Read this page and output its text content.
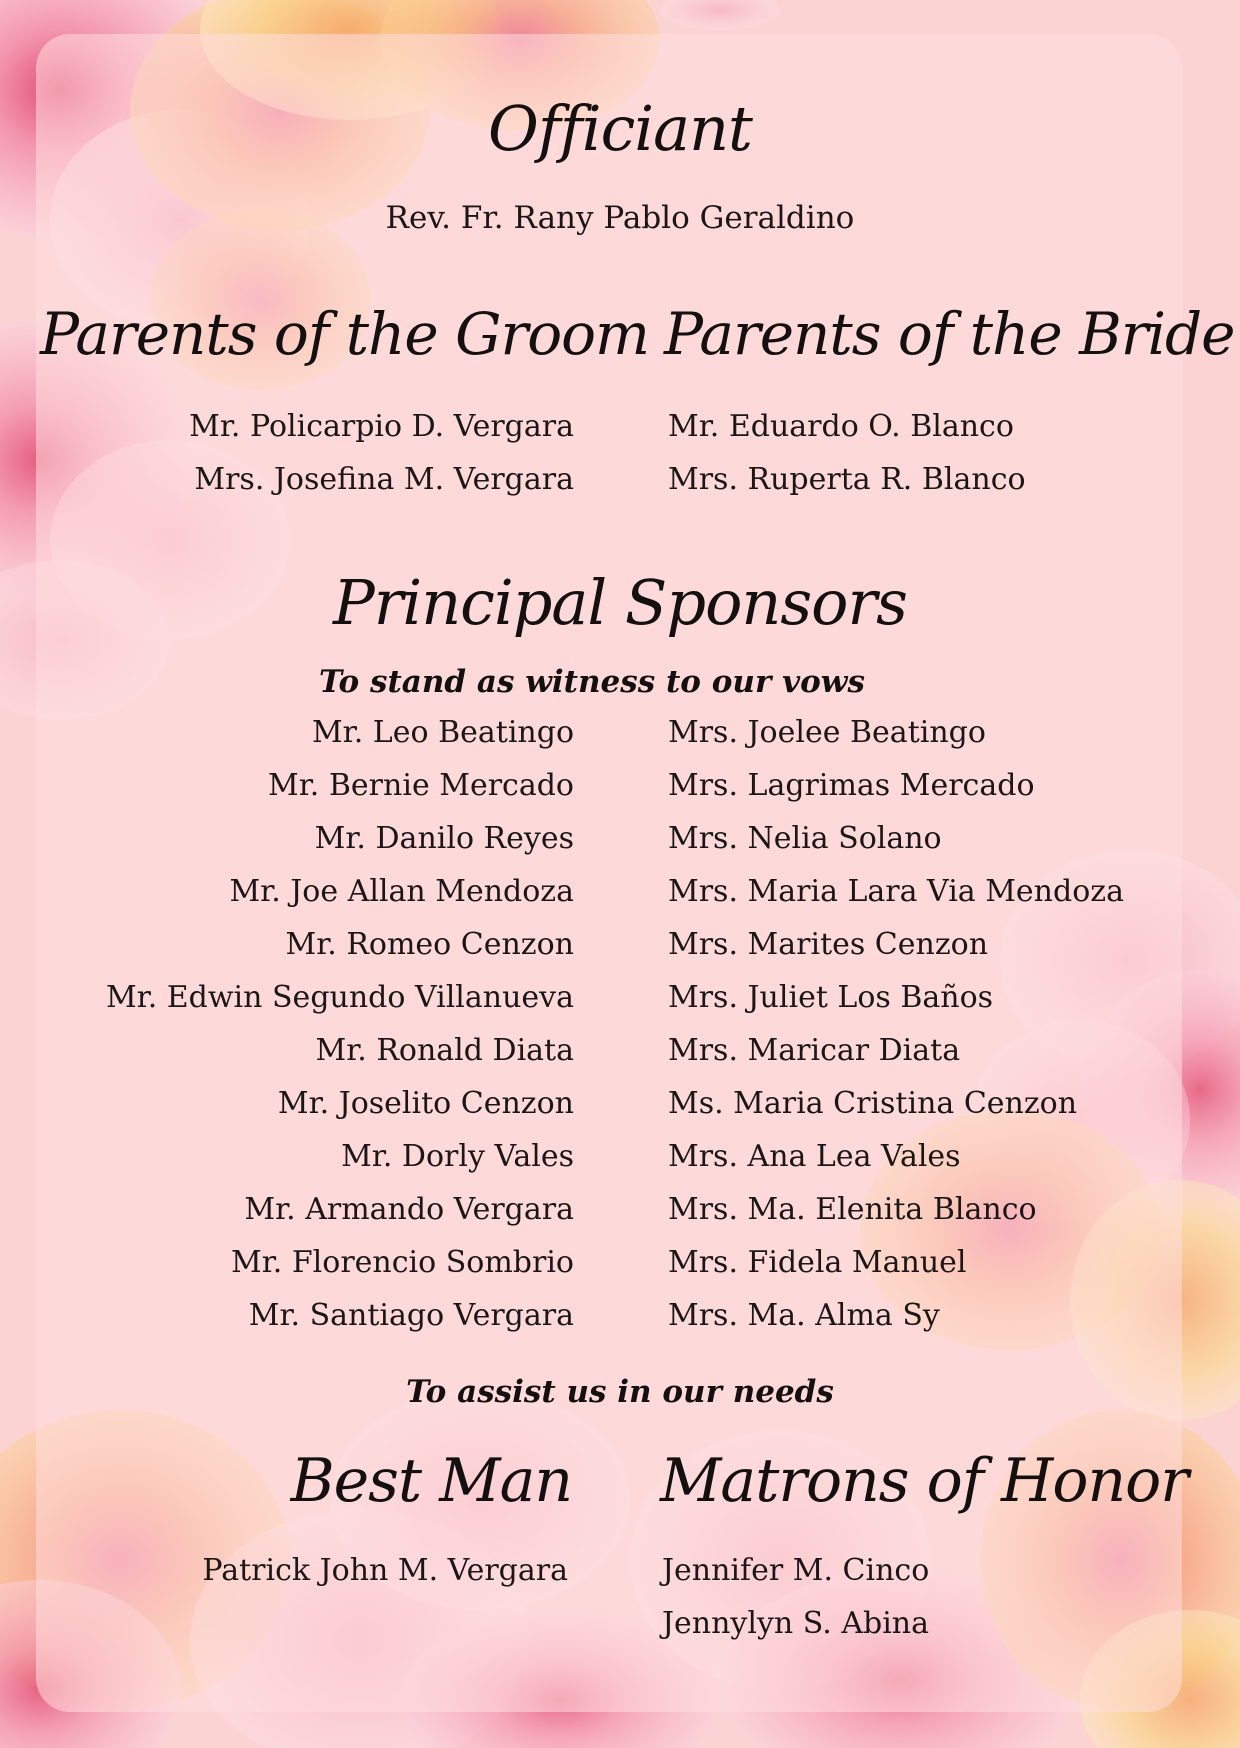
Officiant

Rev. Fr. Rany Pablo Geraldino

Parents of the Groom Parents of the Bride
Mr. Policarpio D. Vergara
Mrs. Josefina M. Vergara
Mr. Eduardo O. Blanco
Mrs. Ruperta R. Blanco
Principal Sponsors

To stand as witness to our vows

Mr. Leo Beatingo
Mr. Bernie Mercado
Mr. Danilo Reyes
Mr. Joe Allan Mendoza
Mr. Romeo Cenzon
Mr. Edwin Segundo Villanueva
Mr. Ronald Diata
Mr. Joselito Cenzon
Mr. Dorly Vales
Mr. Armando Vergara
Mr. Florencio Sombrio
Mr. Santiago Vergara
Mrs. Joelee Beatingo
Mrs. Lagrimas Mercado
Mrs. Nelia Solano
Mrs. Maria Lara Via Mendoza
Mrs. Marites Cenzon
Mrs. Juliet Los Baños
Mrs. Maricar Diata
Ms. Maria Cristina Cenzon
Mrs. Ana Lea Vales
Mrs. Ma. Elenita Blanco
Mrs. Fidela Manuel
Mrs. Ma. Alma Sy

To assist us in our needs

Best Man Matrons of Honor
Patrick John M. Vergara	Jennifer M. Cinco
Jennylyn S. Abina
